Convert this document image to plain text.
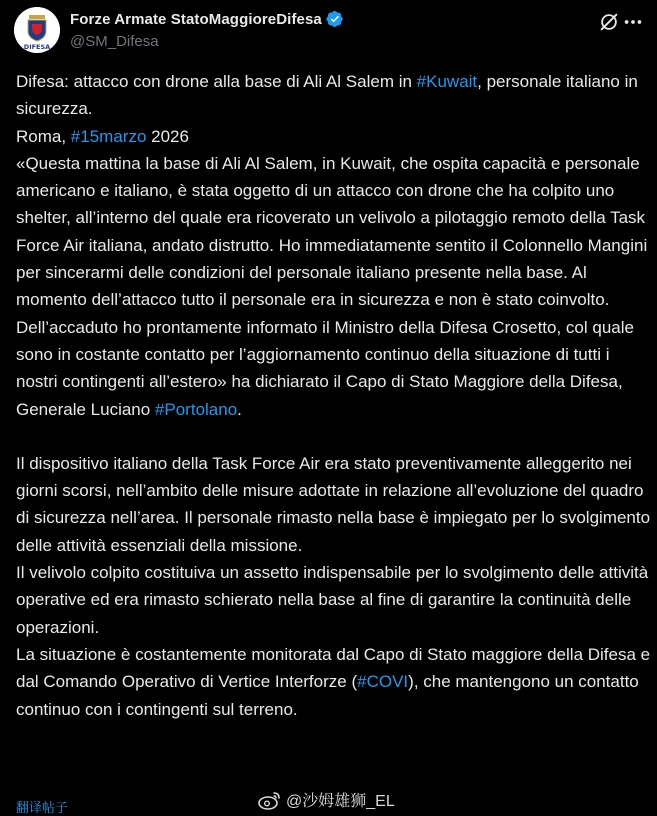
DIFESA
Forze Armate StatoMaggioreDifesa
@SM_Difesa

Difesa: attacco con drone alla base di Ali Al Salem in #Kuwait, personale italiano in sicurezza.

Roma, #15marzo 2026

«Questa mattina la base di Ali Al Salem, in Kuwait, che ospita capacità e personale americano e italiano, è stata oggetto di un attacco con drone che ha colpito uno shelter, all’interno del quale era ricoverato un velivolo a pilotaggio remoto della Task Force Air italiana, andato distrutto. Ho immediatamente sentito il Colonnello Mangini per sincerarmi delle condizioni del personale italiano presente nella base. Al momento dell’attacco tutto il personale era in sicurezza e non è stato coinvolto. Dell’accaduto ho prontamente informato il Ministro della Difesa Crosetto, col quale sono in costante contatto per l’aggiornamento continuo della situazione di tutti i nostri contingenti all’estero» ha dichiarato il Capo di Stato Maggiore della Difesa, Generale Luciano #Portolano.

Il dispositivo italiano della Task Force Air era stato preventivamente alleggerito nei giorni scorsi, nell’ambito delle misure adottate in relazione all’evoluzione del quadro di sicurezza nell’area. Il personale rimasto nella base è impiegato per lo svolgimento delle attività essenziali della missione.

Il velivolo colpito costituiva un assetto indispensabile per lo svolgimento delle attività operative ed era rimasto schierato nella base al fine di garantire la continuità delle operazioni.

La situazione è costantemente monitorata dal Capo di Stato maggiore della Difesa e dal Comando Operativo di Vertice Interforze (#COVI), che mantengono un contatto continuo con i contingenti sul terreno.

翻译帖子	@沙姆雄狮_EL
